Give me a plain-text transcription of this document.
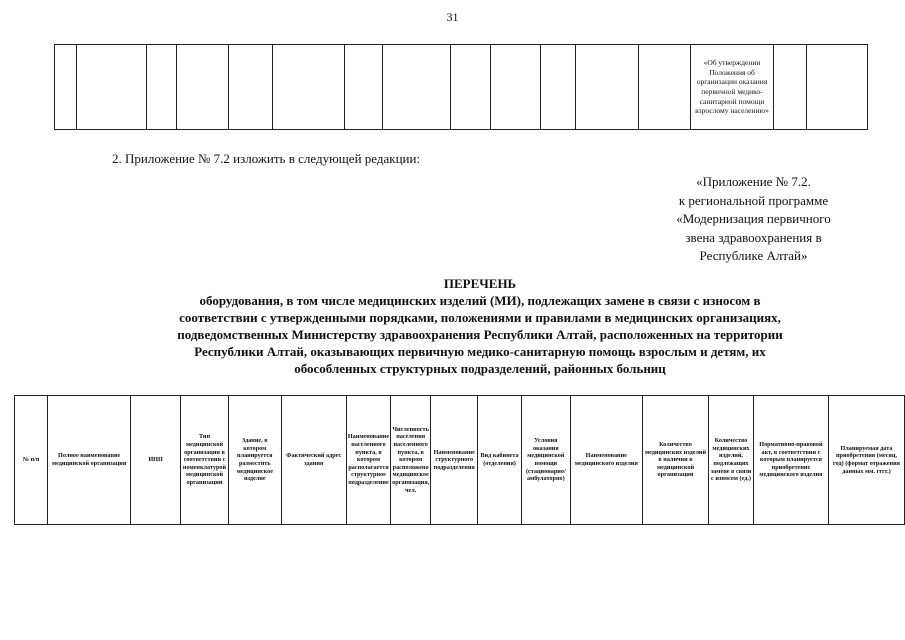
31
													«Об утверждении Положения об организации оказания первичной медико-санитарной помощи взрослому населению»		
2. Приложение № 7.2 изложить в следующей редакции:
«Приложение № 7.2.
к региональной программе
«Модернизация первичного
звена здравоохранения в
Республике Алтай»
ПЕРЕЧЕНЬ
оборудования, в том числе медицинских изделий (МИ), подлежащих замене в связи с износом в
соответствии с утвержденными порядками, положениями и правилами в медицинских организациях,
подведомственных Министерству здравоохранения Республики Алтай, расположенных на территории
Республики Алтай, оказывающих первичную медико-санитарную помощь взрослым и детям, их
обособленных структурных подразделений, районных больниц
№ п/п	Полное наименование медицинской организации	ИНН	Тип медицинской организации в соответствии с номенклатурой медицинской организации	Здание, в котором планируется разместить медицинское изделие	Фактический адрес здания	Наименование населенного пункта, в котором располагается структурное подразделение	Численность населения населенного пункта, в котором расположено медицинское организация, чел.	Наименование структурного подразделения	Вид кабинета (отделения)	Условия оказания медицинской помощи (стационарно/амбулаторно)	Наименование медицинского изделия	Количество медицинских изделий в наличии в медицинской организации	Количество медицинских изделий, подлежащих замене в связи с износом (ед.)	Нормативно-правовой акт, в соответствии с которым планируется приобретение медицинского изделия	Планируемая дата приобретения (месяц, год) (формат отражения данных мм. гггг.)
